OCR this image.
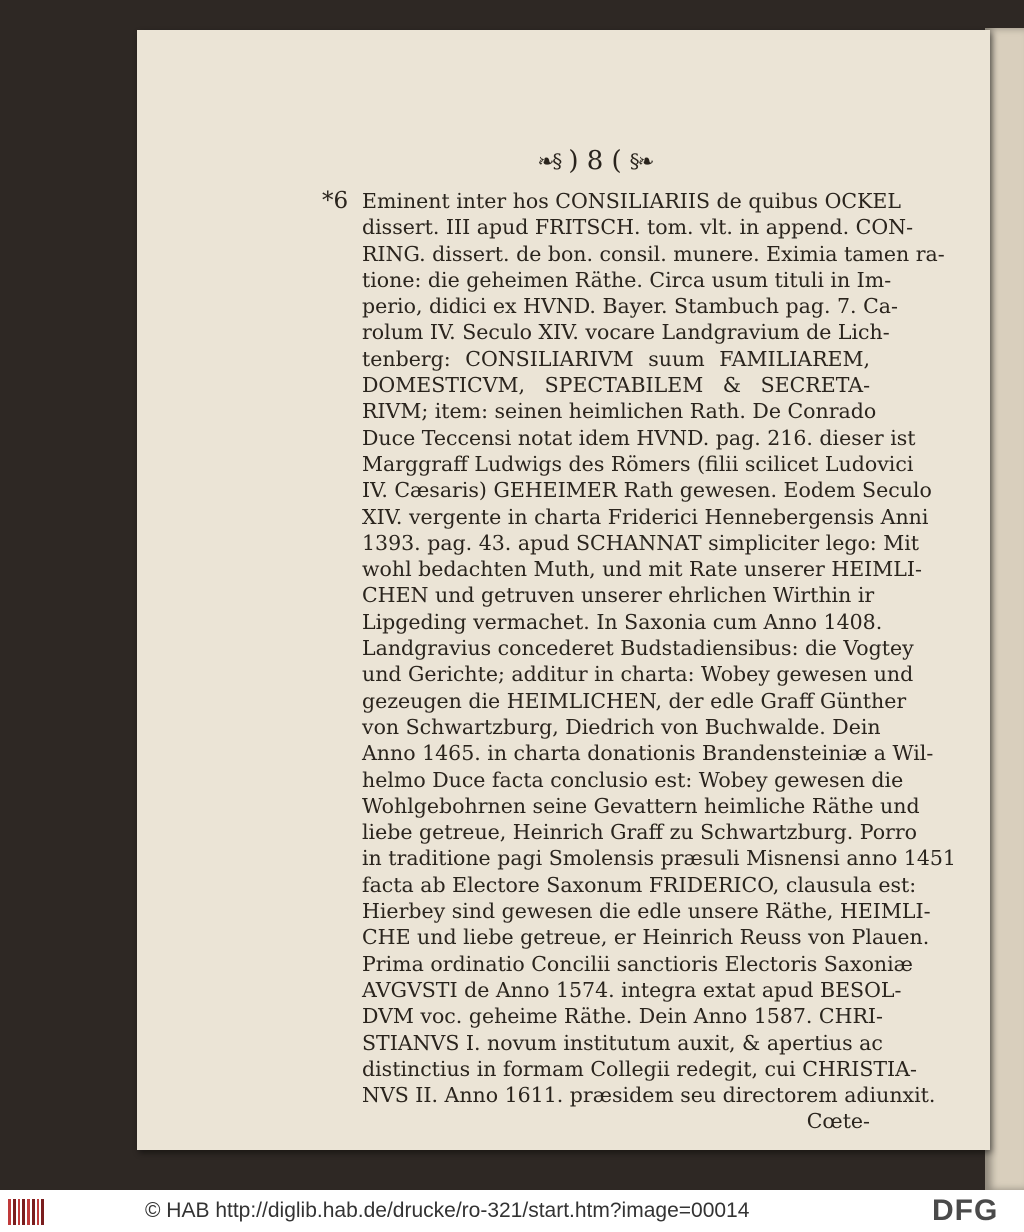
❧§ ) 8 ( §❧
*6 Eminent inter hos CONSILIARIIS de quibus OCKEL
dissert. III apud FRITSCH. tom. vlt. in append. CON-
RING. dissert. de bon. consil. munere. Eximia tamen ra-
tione: die geheimen Räthe. Circa usum tituli in Im-
perio, didici ex HVND. Bayer. Stambuch pag. 7. Ca-
rolum IV. Seculo XIV. vocare Landgravium de Lich-
tenberg: CONSILIARIVM suum FAMILIAREM,
DOMESTICVM, SPECTABILEM & SECRETA-
RIVM; item: seinen heimlichen Rath. De Conrado
Duce Teccensi notat idem HVND. pag. 216. dieser ist
Marggraff Ludwigs des Römers (filii scilicet Ludovici
IV. Cæsaris) GEHEIMER Rath gewesen. Eodem Seculo
XIV. vergente in charta Friderici Hennebergensis Anni
1393. pag. 43. apud SCHANNAT simpliciter lego: Mit
wohl bedachten Muth, und mit Rate unserer HEIMLI-
CHEN und getruven unserer ehrlichen Wirthin ir
Lipgeding vermachet. In Saxonia cum Anno 1408.
Landgravius concederet Budstadiensibus: die Vogtey
und Gerichte; additur in charta: Wobey gewesen und
gezeugen die HEIMLICHEN, der edle Graff Günther
von Schwartzburg, Diedrich von Buchwalde. Dein
Anno 1465. in charta donationis Brandensteiniæ a Wil-
helmo Duce facta conclusio est: Wobey gewesen die
Wohlgebohrnen seine Gevattern heimliche Räthe und
liebe getreue, Heinrich Graff zu Schwartzburg. Porro
in traditione pagi Smolensis præsuli Misnensi anno 1451
facta ab Electore Saxonum FRIDERICO, clausula est:
Hierbey sind gewesen die edle unsere Räthe, HEIMLI-
CHE und liebe getreue, er Heinrich Reuss von Plauen.
Prima ordinatio Concilii sanctioris Electoris Saxoniæ
AVGVSTI de Anno 1574. integra extat apud BESOL-
DVM voc. geheime Räthe. Dein Anno 1587. CHRI-
STIANVS I. novum institutum auxit, & apertius ac
distinctius in formam Collegii redegit, cui CHRISTIA-
NVS II. Anno 1611. præsidem seu directorem adiunxit.
Cœte-
© HAB http://diglib.hab.de/drucke/ro-321/start.htm?image=00014	DFG
